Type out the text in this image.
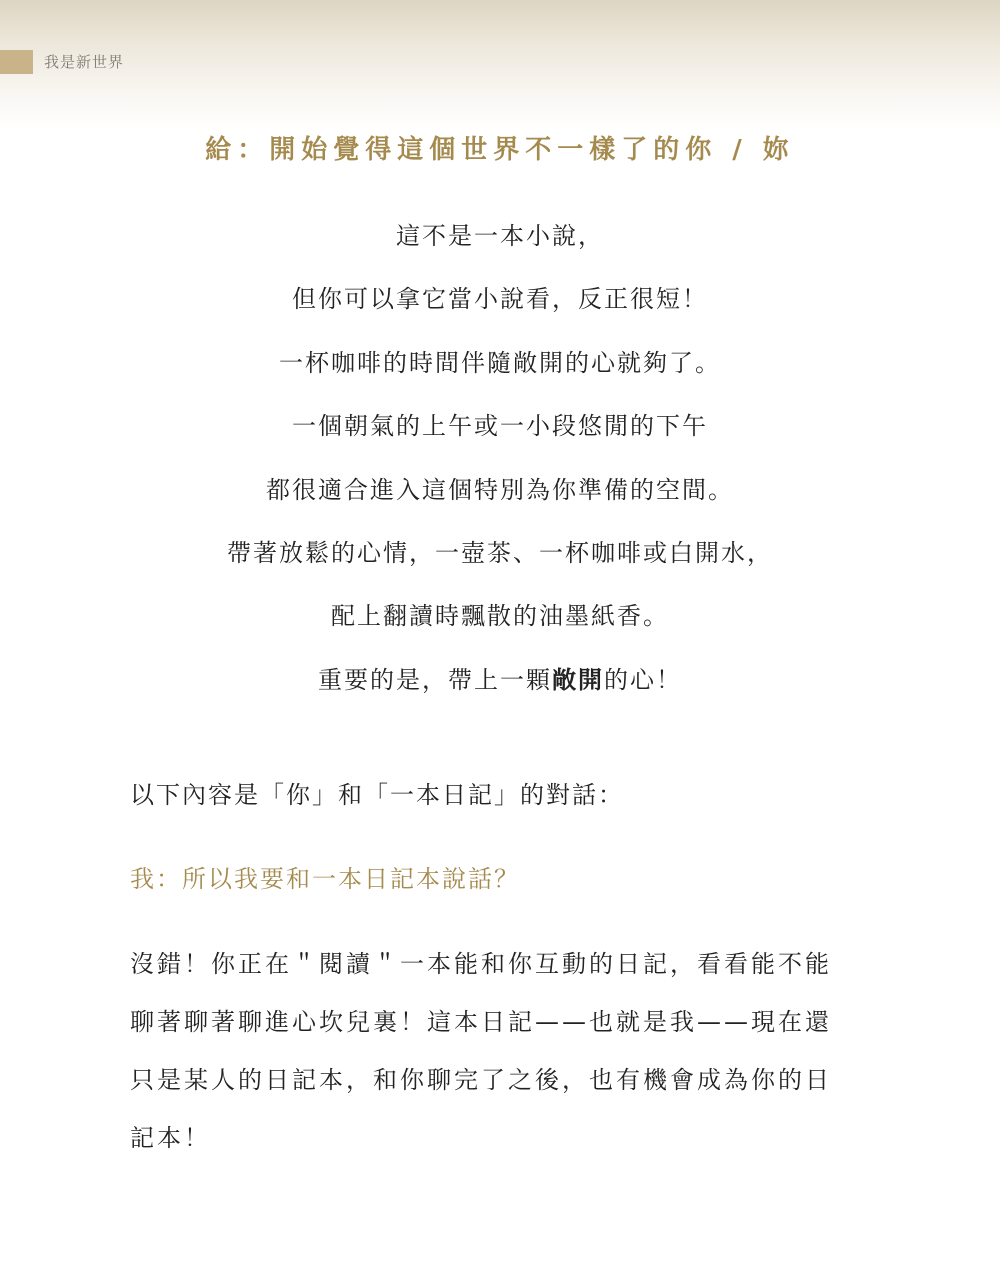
我是新世界
給：開始覺得這個世界不一樣了的你 / 妳
這不是一本小說，
但你可以拿它當小說看，反正很短！
一杯咖啡的時間伴隨敞開的心就夠了。
一個朝氣的上午或一小段悠閒的下午
都很適合進入這個特別為你準備的空間。
帶著放鬆的心情，一壺茶、一杯咖啡或白開水，
配上翻讀時飄散的油墨紙香。
重要的是，帶上一顆敞開的心！
以下內容是「你」和「一本日記」的對話：
我：所以我要和一本日記本說話？
沒錯！你正在＂閱讀＂一本能和你互動的日記，看看能不能
聊著聊著聊進心坎兒裏！這本日記——也就是我——現在還
只是某人的日記本，和你聊完了之後，也有機會成為你的日
記本！
